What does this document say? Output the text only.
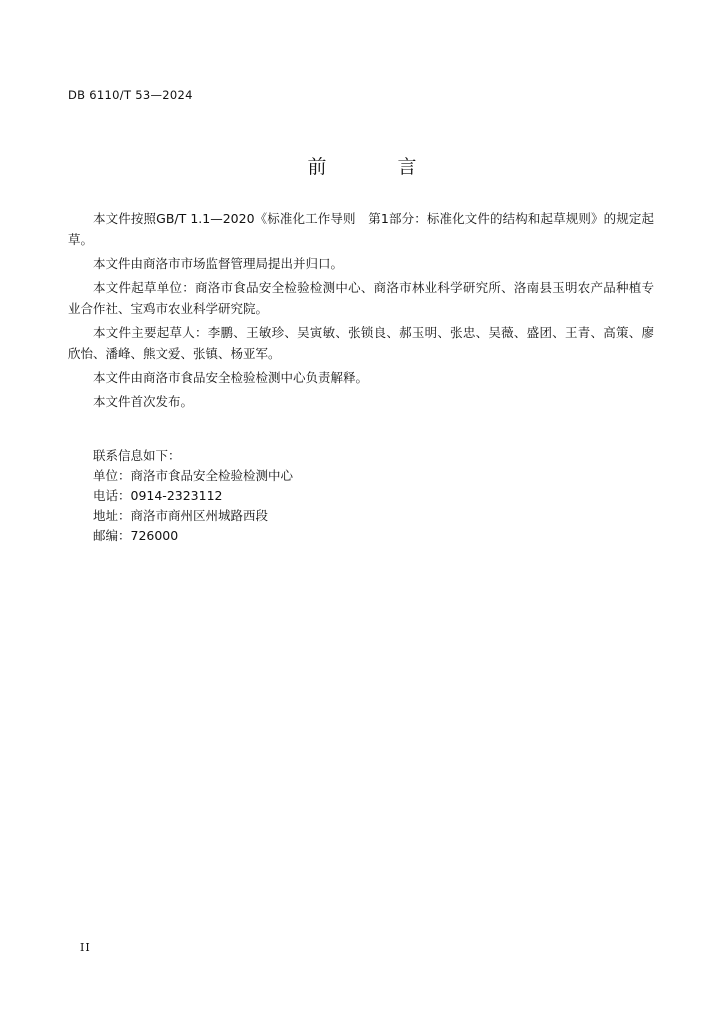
DB 6110/T 53—2024
前　言

本文件按照GB/T 1.1—2020《标准化工作导则　第1部分：标准化文件的结构和起草规则》的规定起草。

本文件由商洛市市场监督管理局提出并归口。

本文件起草单位：商洛市食品安全检验检测中心、商洛市林业科学研究所、洛南县玉明农产品种植专业合作社、宝鸡市农业科学研究院。

本文件主要起草人：李鹏、王敏珍、吴寅敏、张锁良、郝玉明、张忠、吴薇、盛团、王青、高策、廖欣怡、潘峰、熊文爱、张镇、杨亚军。

本文件由商洛市食品安全检验检测中心负责解释。

本文件首次发布。

联系信息如下：
单位：商洛市食品安全检验检测中心
电话：0914-2323112
地址：商洛市商州区州城路西段
邮编：726000
II
